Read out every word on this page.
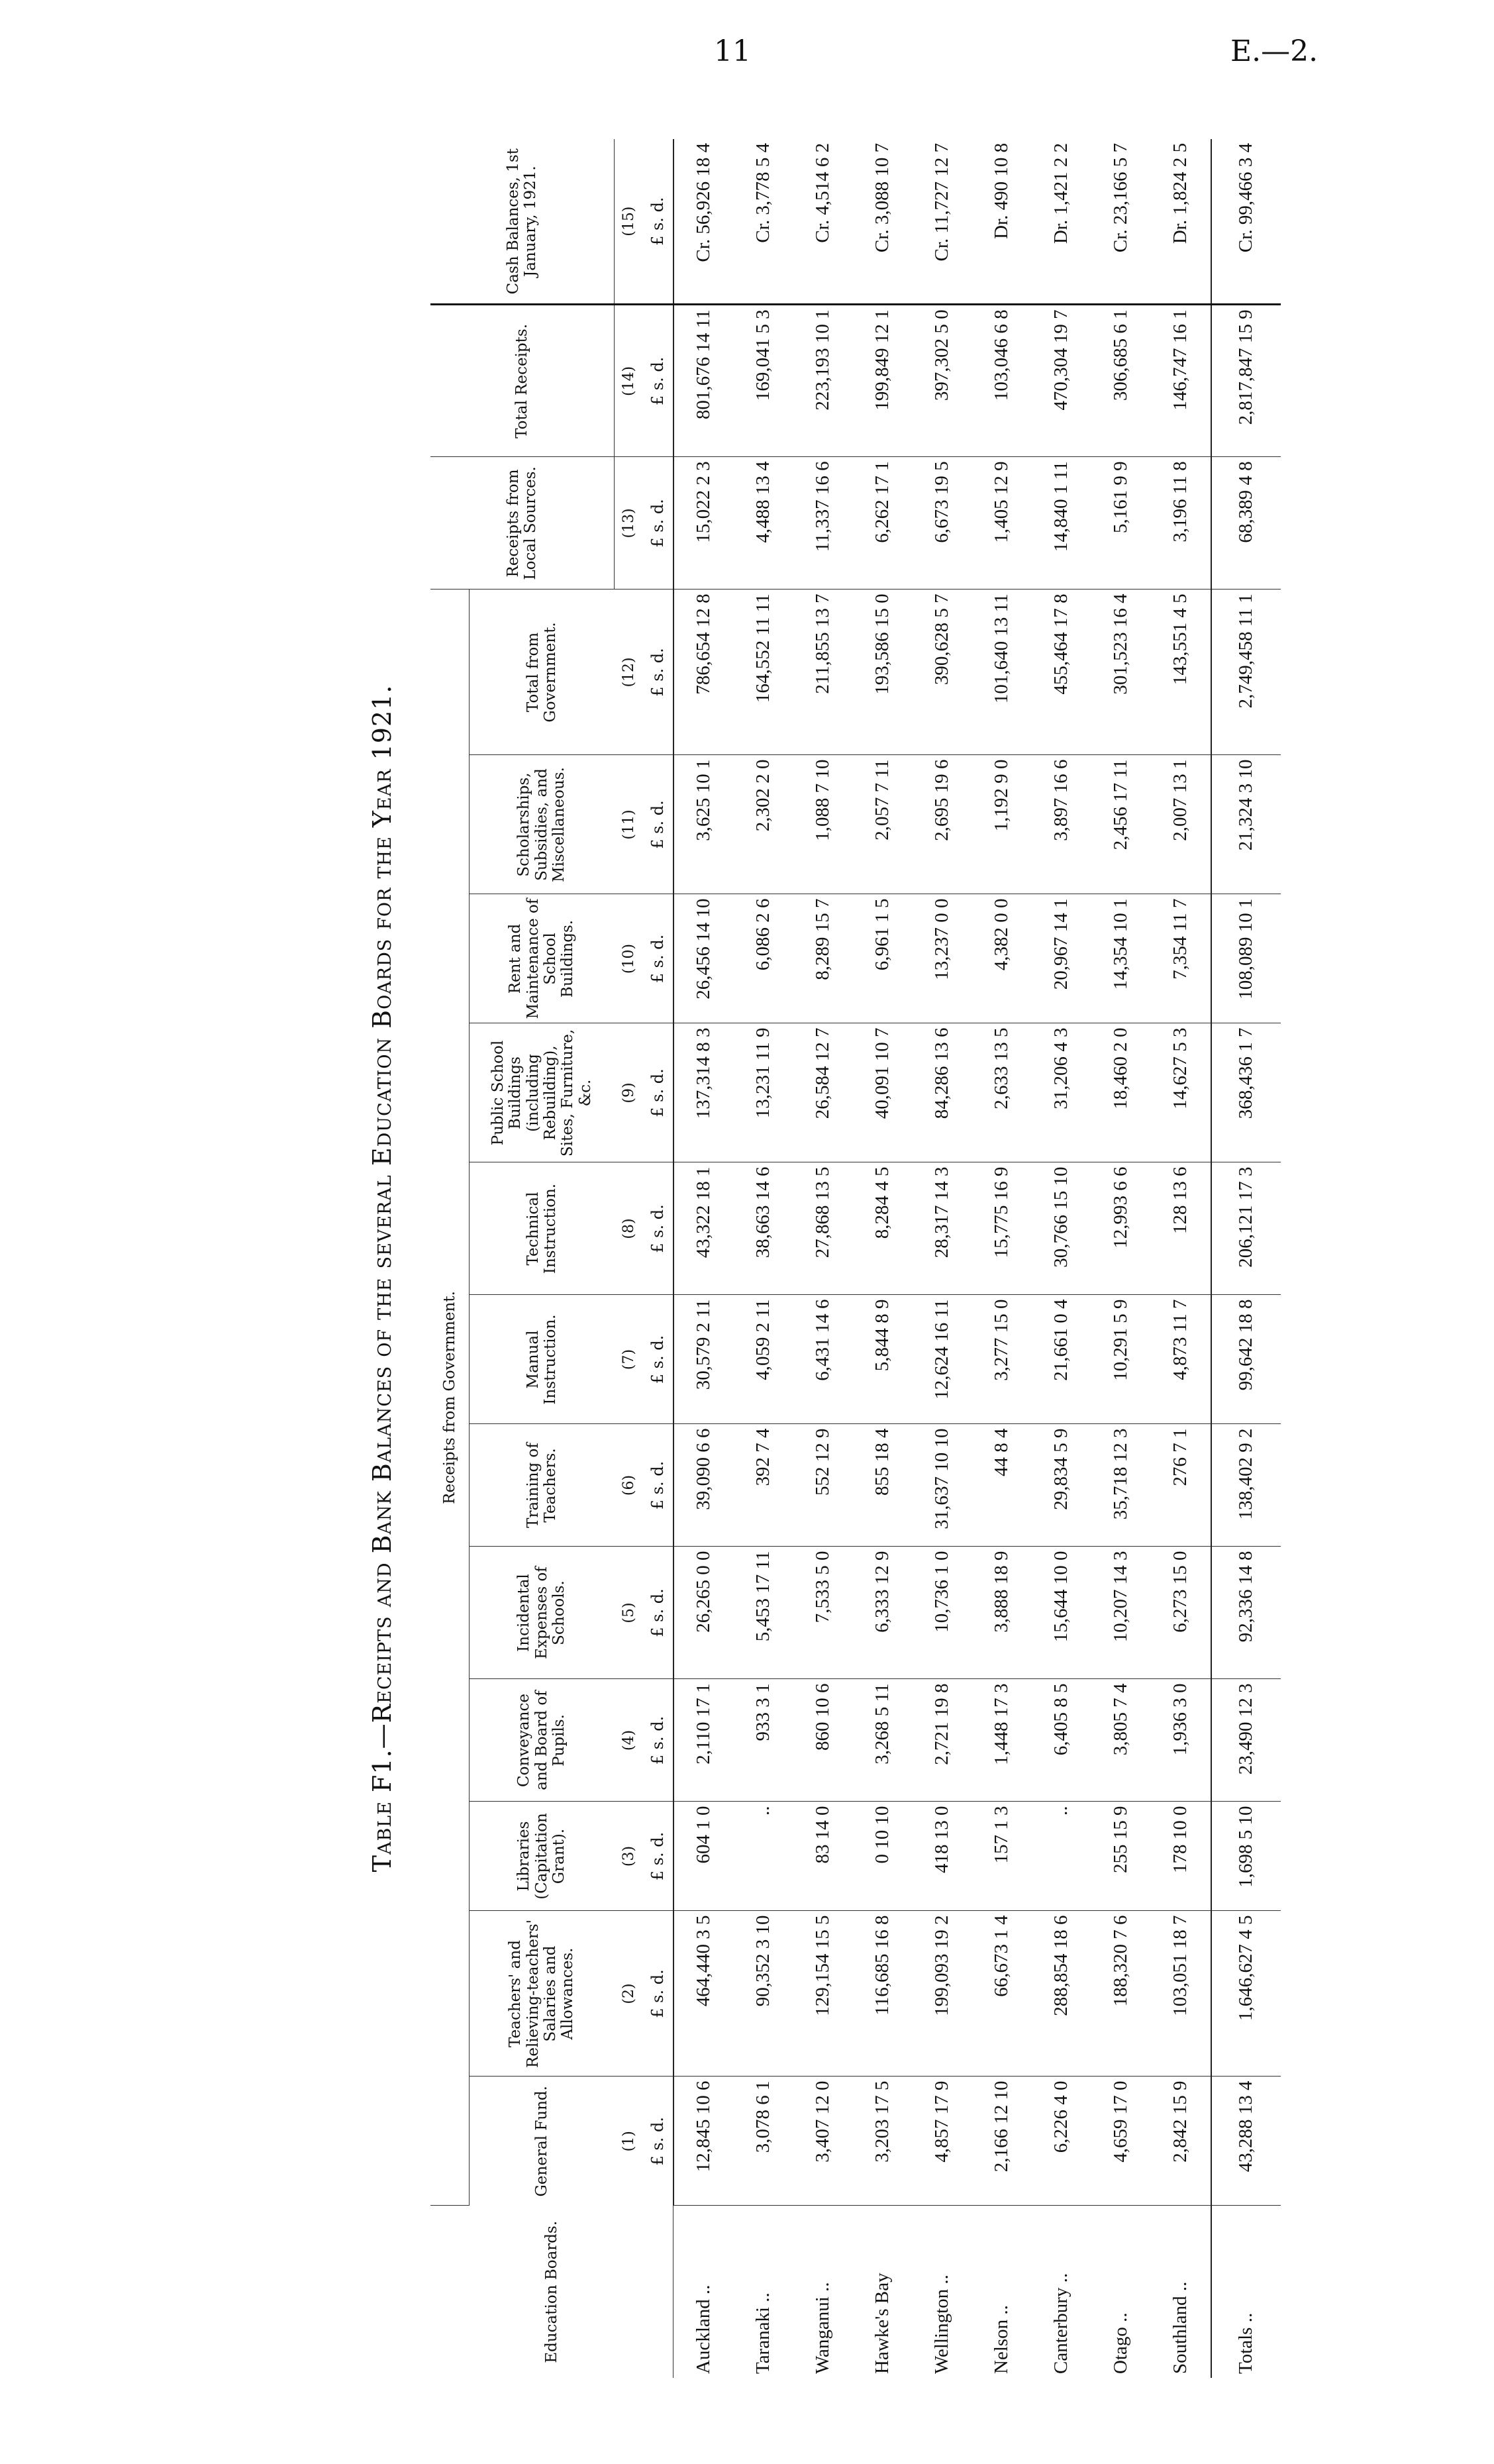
11	E.—2.
Table F1.—Receipts and Bank Balances of the several Education Boards for the Year 1921.
Education Boards.	Receipts from Government.												Receipts from Local Sources.	Total Receipts.	Cash Balances, 1st January, 1921.
	General Fund.	Teachers' and Relieving-teachers' Salaries and Allowances.	Libraries (Capitation Grant).	Conveyance and Board of Pupils.	Incidental Expenses of Schools.	Training of Teachers.	Manual Instruction.	Technical Instruction.	Public School Buildings (including Rebuilding), Sites, Furniture, &c.	Rent and Maintenance of School Buildings.	Scholarships, Subsidies, and Miscellaneous.	Total from Government.			
	(1)	(2)	(3)	(4)	(5)	(6)	(7)	(8)	(9)	(10)	(11)	(12)	(13)	(14)	(15)
	£ s. d.	£ s. d.	£ s. d.	£ s. d.	£ s. d.	£ s. d.	£ s. d.	£ s. d.	£ s. d.	£ s. d.	£ s. d.	£ s. d.	£ s. d.	£ s. d.	£ s. d.
Auckland ..	12,845 10 6	464,440 3 5	604 1 0	2,110 17 1	26,265 0 0	39,090 6 6	30,579 2 11	43,322 18 1	137,314 8 3	26,456 14 10	3,625 10 1	786,654 12 8	15,022 2 3	801,676 14 11	Cr. 56,926 18 4
Taranaki ..	3,078 6 1	90,352 3 10	..	933 3 1	5,453 17 11	392 7 4	4,059 2 11	38,663 14 6	13,231 11 9	6,086 2 6	2,302 2 0	164,552 11 11	4,488 13 4	169,041 5 3	Cr. 3,778 5 4
Wanganui ..	3,407 12 0	129,154 15 5	83 14 0	860 10 6	7,533 5 0	552 12 9	6,431 14 6	27,868 13 5	26,584 12 7	8,289 15 7	1,088 7 10	211,855 13 7	11,337 16 6	223,193 10 1	Cr. 4,514 6 2
Hawke's Bay	3,203 17 5	116,685 16 8	0 10 10	3,268 5 11	6,333 12 9	855 18 4	5,844 8 9	8,284 4 5	40,091 10 7	6,961 1 5	2,057 7 11	193,586 15 0	6,262 17 1	199,849 12 1	Cr. 3,088 10 7
Wellington ..	4,857 17 9	199,093 19 2	418 13 0	2,721 19 8	10,736 1 0	31,637 10 10	12,624 16 11	28,317 14 3	84,286 13 6	13,237 0 0	2,695 19 6	390,628 5 7	6,673 19 5	397,302 5 0	Cr. 11,727 12 7
Nelson ..	2,166 12 10	66,673 1 4	157 1 3	1,448 17 3	3,888 18 9	44 8 4	3,277 15 0	15,775 16 9	2,633 13 5	4,382 0 0	1,192 9 0	101,640 13 11	1,405 12 9	103,046 6 8	Dr. 490 10 8
Canterbury ..	6,226 4 0	288,854 18 6	..	6,405 8 5	15,644 10 0	29,834 5 9	21,661 0 4	30,766 15 10	31,206 4 3	20,967 14 1	3,897 16 6	455,464 17 8	14,840 1 11	470,304 19 7	Dr. 1,421 2 2
Otago ..	4,659 17 0	188,320 7 6	255 15 9	3,805 7 4	10,207 14 3	35,718 12 3	10,291 5 9	12,993 6 6	18,460 2 0	14,354 10 1	2,456 17 11	301,523 16 4	5,161 9 9	306,685 6 1	Cr. 23,166 5 7
Southland ..	2,842 15 9	103,051 18 7	178 10 0	1,936 3 0	6,273 15 0	276 7 1	4,873 11 7	128 13 6	14,627 5 3	7,354 11 7	2,007 13 1	143,551 4 5	3,196 11 8	146,747 16 1	Dr. 1,824 2 5
Totals ..	43,288 13 4	1,646,627 4 5	1,698 5 10	23,490 12 3	92,336 14 8	138,402 9 2	99,642 18 8	206,121 17 3	368,436 1 7	108,089 10 1	21,324 3 10	2,749,458 11 1	68,389 4 8	2,817,847 15 9	Cr. 99,466 3 4
